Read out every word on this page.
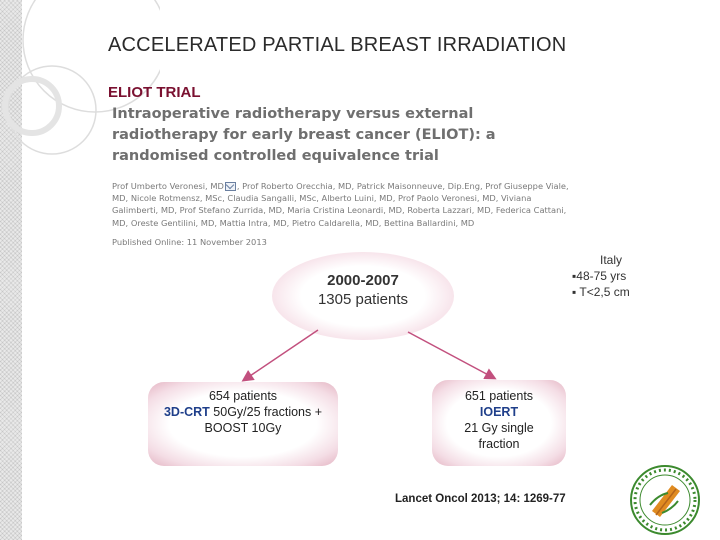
ACCELERATED PARTIAL BREAST IRRADIATION
ELIOT TRIAL
Intraoperative radiotherapy versus external radiotherapy for early breast cancer (ELIOT): a randomised controlled equivalence trial
Prof Umberto Veronesi, MD , Prof Roberto Orecchia, MD, Patrick Maisonneuve, Dip.Eng, Prof Giuseppe Viale, MD, Nicole Rotmensz, MSc, Claudia Sangalli, MSc, Alberto Luini, MD, Prof Paolo Veronesi, MD, Viviana Galimberti, MD, Prof Stefano Zurrida, MD, Maria Cristina Leonardi, MD, Roberta Lazzari, MD, Federica Cattani, MD, Oreste Gentilini, MD, Mattia Intra, MD, Pietro Caldarella, MD, Bettina Ballardini, MD
Published Online: 11 November 2013
Italy
▪48-75 yrs
▪ T<2,5 cm
2000-2007
1305 patients
654 patients
3D-CRT 50Gy/25 fractions +
BOOST 10Gy
651 patients
IOERT
21 Gy single
fraction
Lancet Oncol 2013; 14: 1269-77
